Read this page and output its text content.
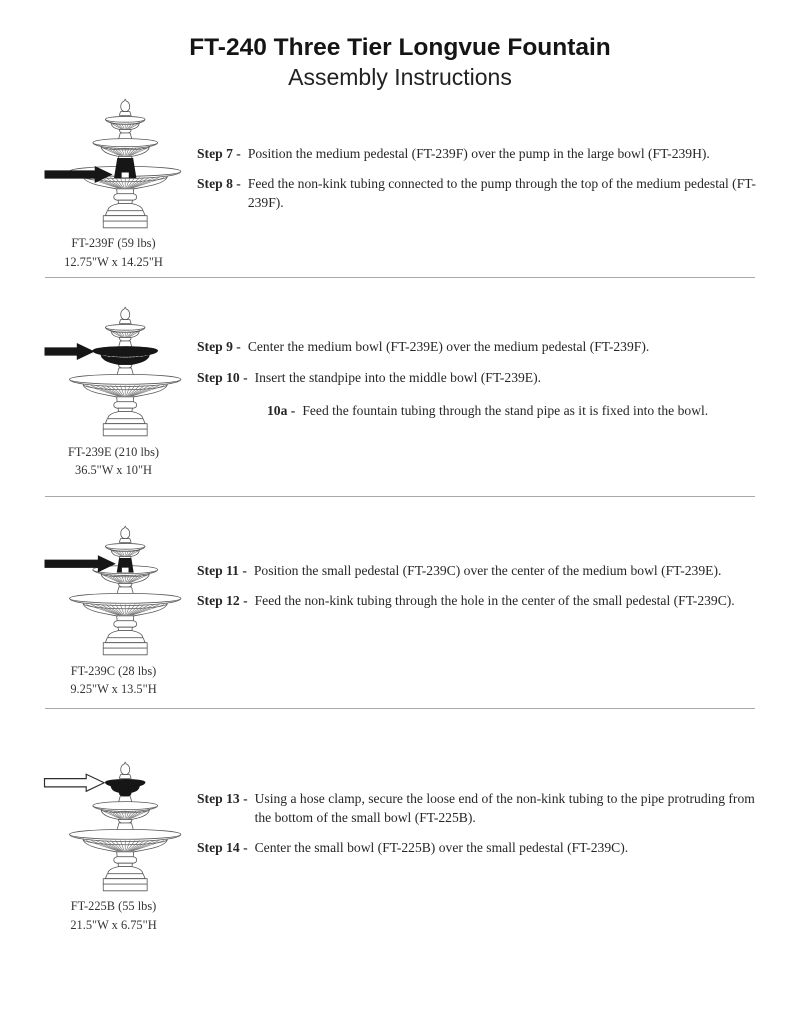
FT-240 Three Tier Longvue Fountain
Assembly Instructions
FT-239F (59 lbs)
12.75"W x 14.25"H
Step 7 - Position the medium pedestal (FT-239F) over the pump in the large bowl (FT-239H).
Step 8 - Feed the non-kink tubing connected to the pump through the top of the medium pedestal (FT-239F).
FT-239E (210 lbs)
36.5"W x 10"H
Step 9 - Center the medium bowl (FT-239E) over the medium pedestal (FT-239F).
Step 10 - Insert the standpipe into the middle bowl (FT-239E).
10a - Feed the fountain tubing through the stand pipe as it is fixed into the bowl.
FT-239C (28 lbs)
9.25"W x 13.5"H
Step 11 - Position the small pedestal (FT-239C) over the center of the medium bowl (FT-239E).
Step 12 - Feed the non-kink tubing through the hole in the center of the small pedestal (FT-239C).
FT-225B (55 lbs)
21.5"W x 6.75"H
Step 13 - Using a hose clamp, secure the loose end of the non-kink tubing to the pipe protruding from the bottom of the small bowl (FT-225B).
Step 14 - Center the small bowl (FT-225B) over the small pedestal (FT-239C).
